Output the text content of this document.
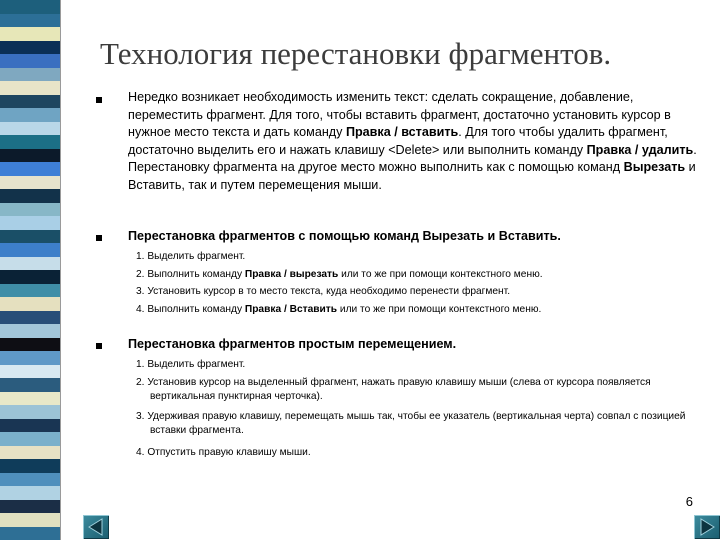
Технология перестановки фрагментов.

Нередко возникает необходимость изменить текст: сделать сокращение, добавление, переместить фрагмент. Для того, чтобы вставить фрагмент, достаточно установить курсор в нужное место текста и дать команду Правка / вставить. Для того чтобы удалить фрагмент, достаточно выделить его и нажать клавишу <Delete> или выполнить команду Правка / удалить. Перестановку фрагмента на другое место можно выполнить как с помощью команд Вырезать и Вставить, так и путем перемещения мыши.

Перестановка фрагментов с помощью команд Вырезать и Вставить.

1. Выделить фрагмент.
2. Выполнить команду Правка / вырезать или то же при помощи контекстного меню.
3. Установить курсор в то место текста, куда необходимо перенести фрагмент.
4. Выполнить команду Правка / Вставить или то же при помощи контекстного меню.

Перестановка фрагментов простым перемещением.

1. Выделить фрагмент.
2. Установив курсор на выделенный фрагмент, нажать правую клавишу мыши (слева от курсора появляется вертикальная пунктирная черточка).
3. Удерживая правую клавишу, перемещать мышь так, чтобы ее указатель (вертикальная черта) совпал с позицией вставки фрагмента.
4. Отпустить правую клавишу мыши.

6
